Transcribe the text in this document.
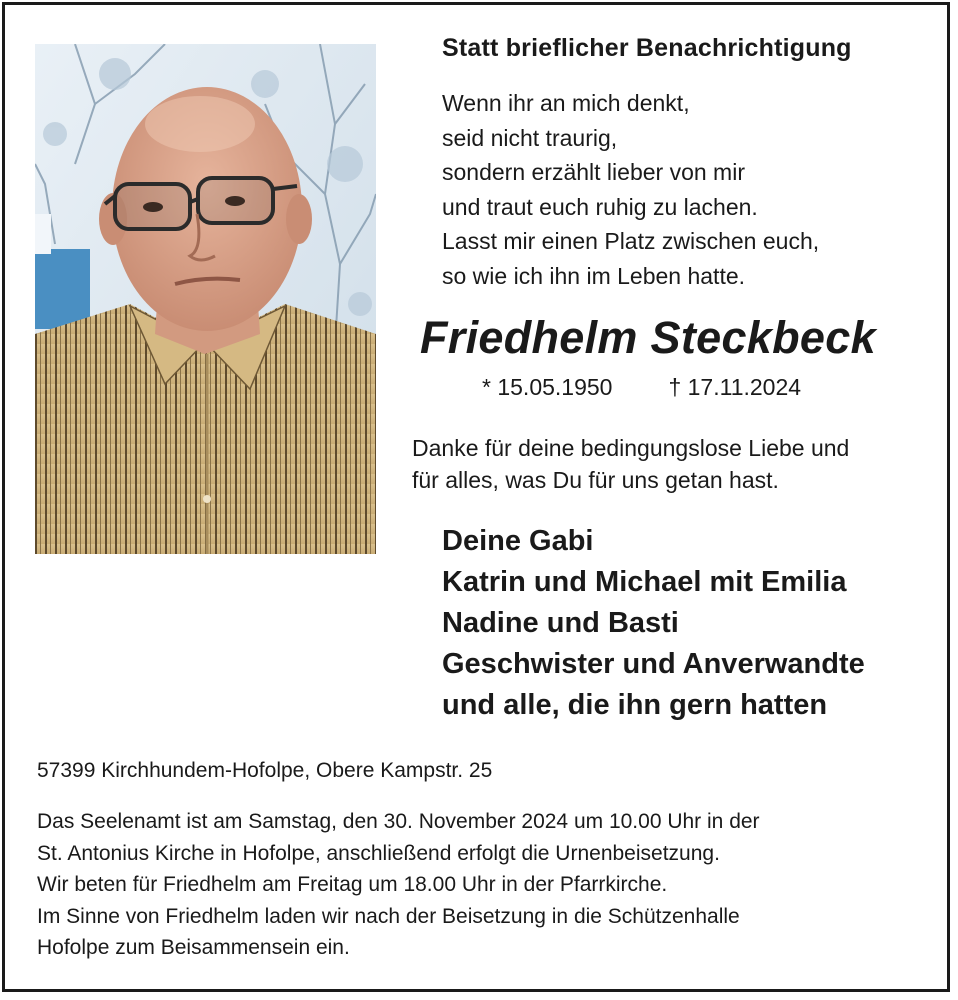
Statt brieflicher Benachrichtigung
Wenn ihr an mich denkt,
seid nicht traurig,
sondern erzählt lieber von mir
und traut euch ruhig zu lachen.
Lasst mir einen Platz zwischen euch,
so wie ich ihn im Leben hatte.
Friedhelm Steckbeck
* 15.05.1950 † 17.11.2024
Danke für deine bedingungslose Liebe und
für alles, was Du für uns getan hast.
Deine Gabi
Katrin und Michael mit Emilia
Nadine und Basti
Geschwister und Anverwandte
und alle, die ihn gern hatten
57399 Kirchhundem-Hofolpe, Obere Kampstr. 25
Das Seelenamt ist am Samstag, den 30. November 2024 um 10.00 Uhr in der
St. Antonius Kirche in Hofolpe, anschließend erfolgt die Urnenbeisetzung.
Wir beten für Friedhelm am Freitag um 18.00 Uhr in der Pfarrkirche.
Im Sinne von Friedhelm laden wir nach der Beisetzung in die Schützenhalle
Hofolpe zum Beisammensein ein.
